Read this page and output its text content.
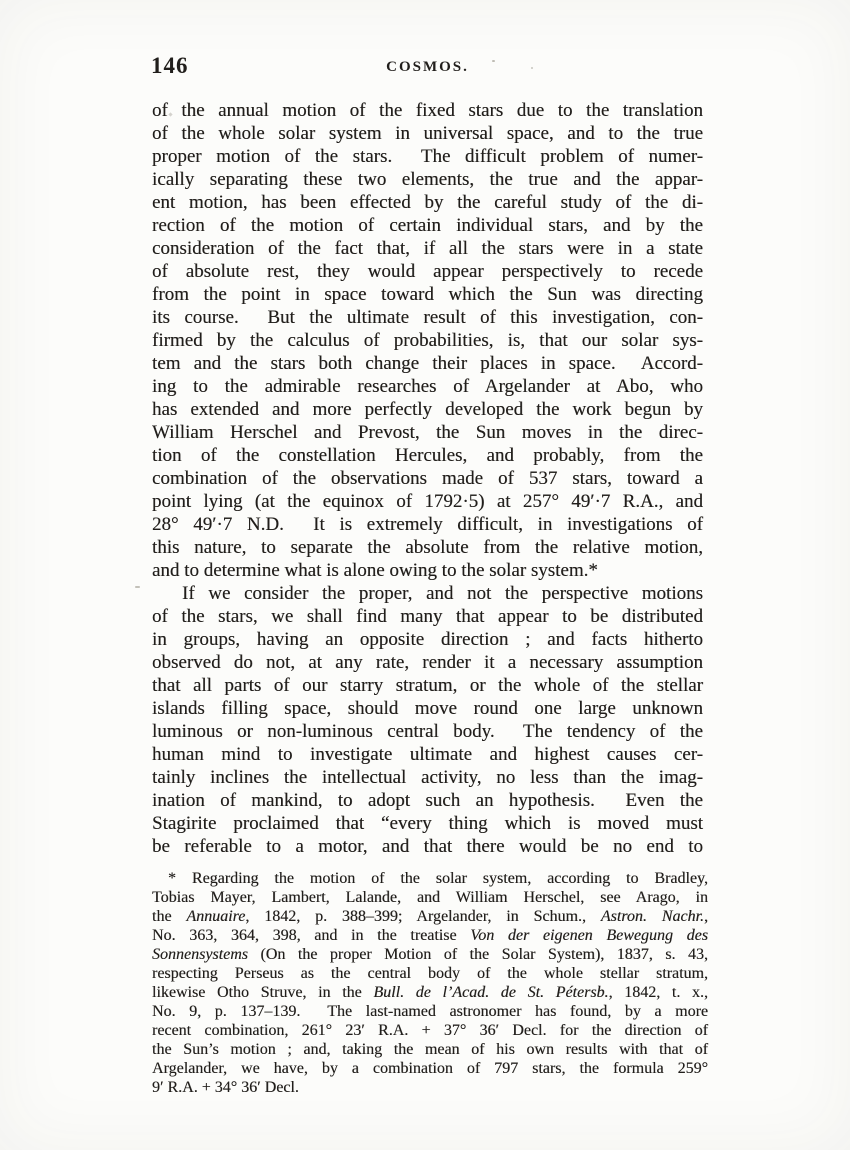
146	COSMOS.
of the annual motion of the fixed stars due to the translation
of the whole solar system in universal space, and to the true
proper motion of the stars.  The difficult problem of numer-
ically separating these two elements, the true and the appar-
ent motion, has been effected by the careful study of the di-
rection of the motion of certain individual stars, and by the
consideration of the fact that, if all the stars were in a state
of absolute rest, they would appear perspectively to recede
from the point in space toward which the Sun was directing
its course.  But the ultimate result of this investigation, con-
firmed by the calculus of probabilities, is, that our solar sys-
tem and the stars both change their places in space.  Accord-
ing to the admirable researches of Argelander at Abo, who
has extended and more perfectly developed the work begun by
William Herschel and Prevost, the Sun moves in the direc-
tion of the constellation Hercules, and probably, from the
combination of the observations made of 537 stars, toward a
point lying (at the equinox of 1792·5) at 257° 49′·7 R.A., and
28° 49′·7 N.D.  It is extremely difficult, in investigations of
this nature, to separate the absolute from the relative motion,
and to determine what is alone owing to the solar system.*
If we consider the proper, and not the perspective motions
of the stars, we shall find many that appear to be distributed
in groups, having an opposite direction ; and facts hitherto
observed do not, at any rate, render it a necessary assumption
that all parts of our starry stratum, or the whole of the stellar
islands filling space, should move round one large unknown
luminous or non-luminous central body.  The tendency of the
human mind to investigate ultimate and highest causes cer-
tainly inclines the intellectual activity, no less than the imag-
ination of mankind, to adopt such an hypothesis.  Even the
Stagirite proclaimed that “every thing which is moved must
be referable to a motor, and that there would be no end to
* Regarding the motion of the solar system, according to Bradley,
Tobias Mayer, Lambert, Lalande, and William Herschel, see Arago, in
the Annuaire, 1842, p. 388–399; Argelander, in Schum., Astron. Nachr.,
No. 363, 364, 398, and in the treatise Von der eigenen Bewegung des
Sonnensystems (On the proper Motion of the Solar System), 1837, s. 43,
respecting Perseus as the central body of the whole stellar stratum,
likewise Otho Struve, in the Bull. de l’Acad. de St. Pétersb., 1842, t. x.,
No. 9, p. 137–139.  The last-named astronomer has found, by a more
recent combination, 261° 23′ R.A. + 37° 36′ Decl. for the direction of
the Sun’s motion ; and, taking the mean of his own results with that of
Argelander, we have, by a combination of 797 stars, the formula 259°
9′ R.A. + 34° 36′ Decl.
